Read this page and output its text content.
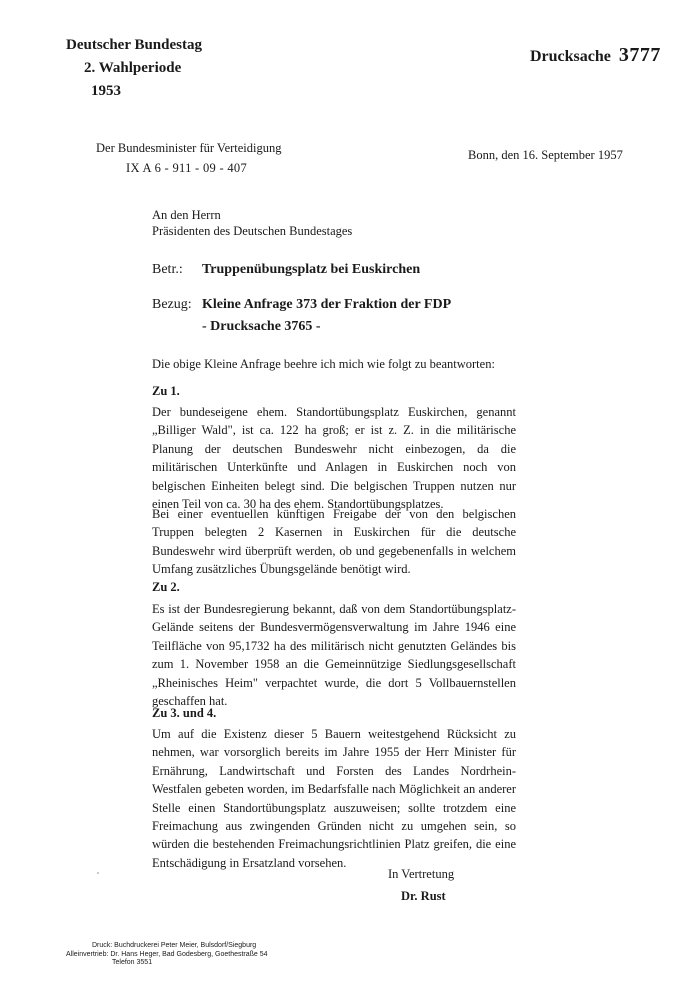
Deutscher Bundestag
2. Wahlperiode
1953
Drucksache 3777
Der Bundesminister für Verteidigung
IX A 6 - 911 - 09 - 407
Bonn, den 16. September 1957
An den Herrn
Präsidenten des Deutschen Bundestages
Betr.: Truppenübungsplatz bei Euskirchen
Bezug: Kleine Anfrage 373 der Fraktion der FDP
- Drucksache 3765 -
Die obige Kleine Anfrage beehre ich mich wie folgt zu beantworten:
Zu 1.
Der bundeseigene ehem. Standortübungsplatz Euskirchen, genannt „Billiger Wald", ist ca. 122 ha groß; er ist z. Z. in die militärische Planung der deutschen Bundeswehr nicht einbezogen, da die militärischen Unterkünfte und Anlagen in Euskirchen noch von belgischen Einheiten belegt sind. Die belgischen Truppen nutzen nur einen Teil von ca. 30 ha des ehem. Standortübungsplatzes.
Bei einer eventuellen künftigen Freigabe der von den belgischen Truppen belegten 2 Kasernen in Euskirchen für die deutsche Bundeswehr wird überprüft werden, ob und gegebenenfalls in welchem Umfang zusätzliches Übungsgelände benötigt wird.
Zu 2.
Es ist der Bundesregierung bekannt, daß von dem Standortübungsplatz-Gelände seitens der Bundesvermögensverwaltung im Jahre 1946 eine Teilfläche von 95,1732 ha des militärisch nicht genutzten Geländes bis zum 1. November 1958 an die Gemeinnützige Siedlungsgesellschaft „Rheinisches Heim" verpachtet wurde, die dort 5 Vollbauernstellen geschaffen hat.
Zu 3. und 4.
Um auf die Existenz dieser 5 Bauern weitestgehend Rücksicht zu nehmen, war vorsorglich bereits im Jahre 1955 der Herr Minister für Ernährung, Landwirtschaft und Forsten des Landes Nordrhein-Westfalen gebeten worden, im Bedarfsfalle nach Möglichkeit an anderer Stelle einen Standortübungsplatz auszuweisen; sollte trotzdem eine Freimachung aus zwingenden Gründen nicht zu umgehen sein, so würden die bestehenden Freimachungsrichtlinien Platz greifen, die eine Entschädigung in Ersatzland vorsehen.
In Vertretung
Dr. Rust
Druck: Buchdruckerei Peter Meier, Bulsdorf/Siegburg
Alleinvertrieb: Dr. Hans Heger, Bad Godesberg, Goethestraße 54
Telefon 3551
